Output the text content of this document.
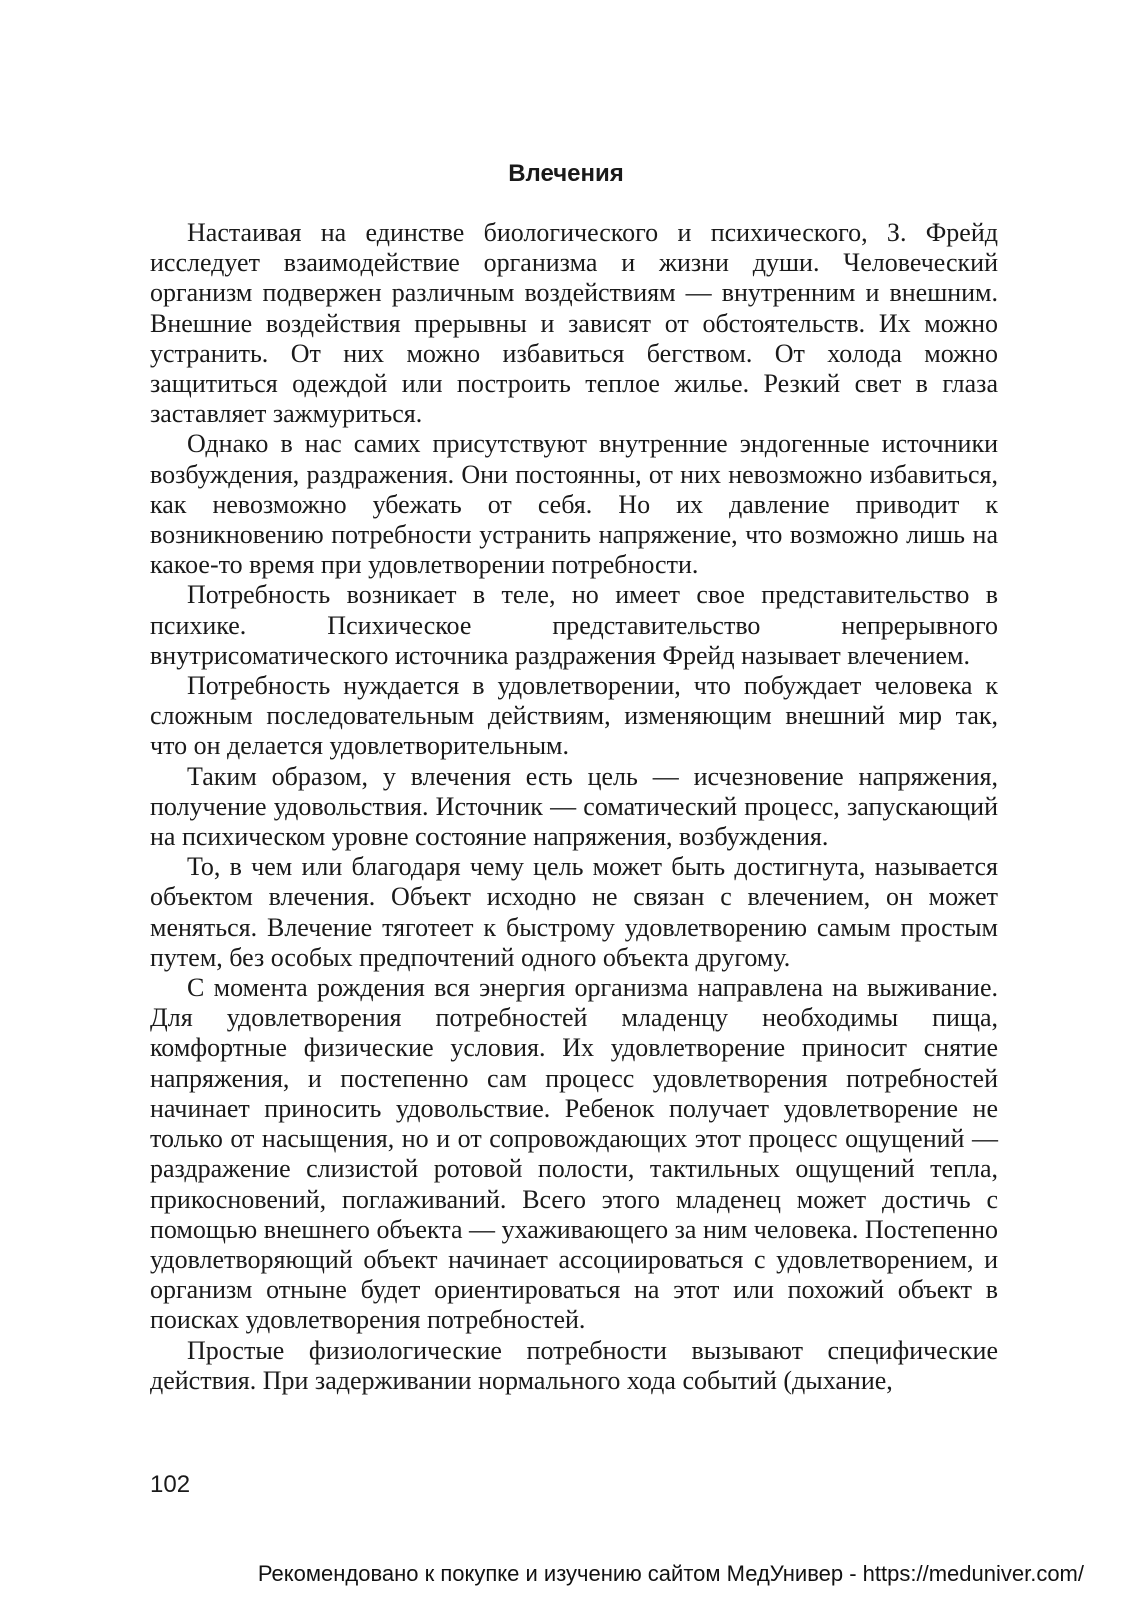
Влечения

Настаивая на единстве биологического и психического, З. Фрейд исследует взаимодействие организма и жизни души. Человеческий организм подвержен различным воздействиям — внутренним и внешним. Внешние воздействия прерывны и зависят от обстоятельств. Их можно устранить. От них можно избавиться бегством. От холода можно защититься одеждой или построить теплое жилье. Резкий свет в глаза заставляет зажмуриться.

Однако в нас самих присутствуют внутренние эндогенные источники возбуждения, раздражения. Они постоянны, от них невозможно избавиться, как невозможно убежать от себя. Но их давление приводит к возникновению потребности устранить напряжение, что возможно лишь на какое-то время при удовлетворении потребности.

Потребность возникает в теле, но имеет свое представительство в психике. Психическое представительство непрерывного внутрисоматического источника раздражения Фрейд называет влечением.

Потребность нуждается в удовлетворении, что побуждает человека к сложным последовательным действиям, изменяющим внешний мир так, что он делается удовлетворительным.

Таким образом, у влечения есть цель — исчезновение напряжения, получение удовольствия. Источник — соматический процесс, запускающий на психическом уровне состояние напряжения, возбуждения.

То, в чем или благодаря чему цель может быть достигнута, называется объектом влечения. Объект исходно не связан с влечением, он может меняться. Влечение тяготеет к быстрому удовлетворению самым простым путем, без особых предпочтений одного объекта другому.

С момента рождения вся энергия организма направлена на выживание. Для удовлетворения потребностей младенцу необходимы пища, комфортные физические условия. Их удовлетворение приносит снятие напряжения, и постепенно сам процесс удовлетворения потребностей начинает приносить удовольствие. Ребенок получает удовлетворение не только от насыщения, но и от сопровождающих этот процесс ощущений — раздражение слизистой ротовой полости, тактильных ощущений тепла, прикосновений, поглаживаний. Всего этого младенец может достичь с помощью внешнего объекта — ухаживающего за ним человека. Постепенно удовлетворяющий объект начинает ассоциироваться с удовлетворением, и организм отныне будет ориентироваться на этот или похожий объект в поисках удовлетворения потребностей.

Простые физиологические потребности вызывают специфические действия. При задерживании нормального хода событий (дыхание,

102
Рекомендовано к покупке и изучению сайтом МедУнивер - https://meduniver.com/
